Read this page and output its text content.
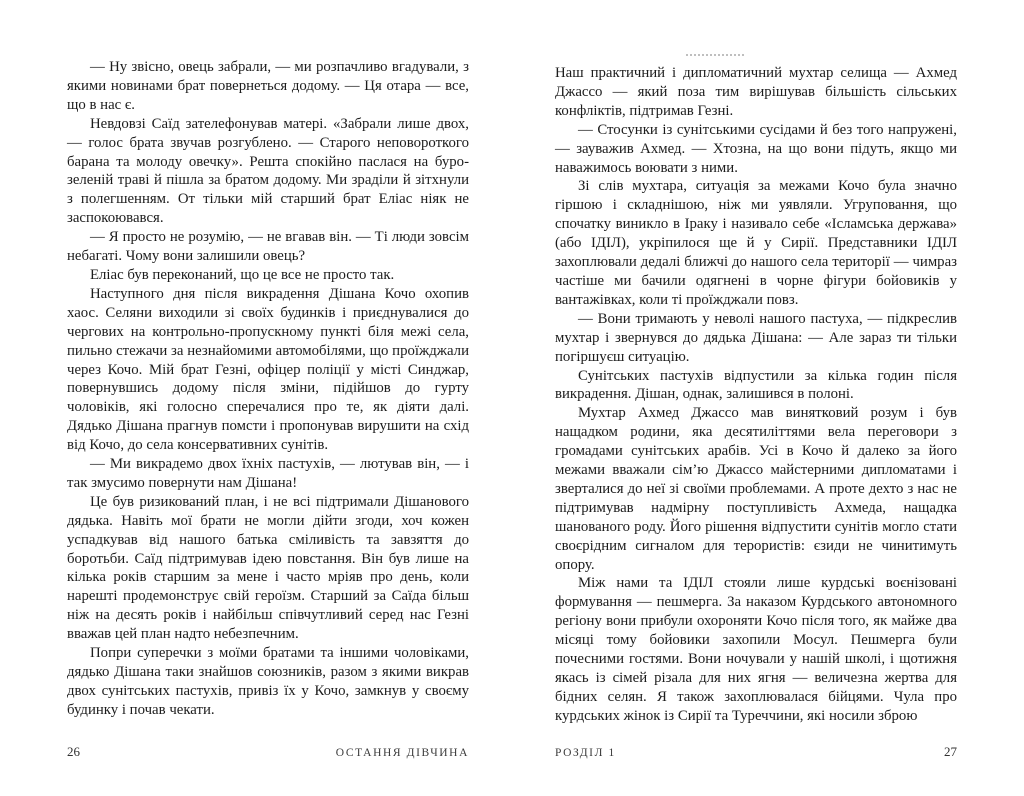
— Ну звісно, овець забрали, — ми розпачливо вгадували, з якими новинами брат повернеться додому. — Ця отара — все, що в нас є.

Невдовзі Саїд зателефонував матері. «Забрали лише двох, — голос брата звучав розгублено. — Старого неповороткого барана та молоду овечку». Решта спокійно паслася на буро-зеленій траві й пішла за братом додому. Ми зраділи й зітхнули з полегшенням. От тільки мій старший брат Еліас ніяк не заспокоювався.

— Я просто не розумію, — не вгавав він. — Ті люди зовсім небагаті. Чому вони залишили овець?

Еліас був переконаний, що це все не просто так.

Наступного дня після викрадення Дішана Кочо охопив хаос. Селяни виходили зі своїх будинків і приєднувалися до чергових на контрольно-пропускному пункті біля межі села, пильно стежачи за незнайомими автомобілями, що проїжджали через Кочо. Мій брат Гезні, офіцер поліції у місті Синджар, повернувшись додому після зміни, підійшов до гурту чоловіків, які голосно сперечалися про те, як діяти далі. Дядько Дішана прагнув помсти і пропонував вирушити на схід від Кочо, до села консервативних сунітів.

— Ми викрадемо двох їхніх пастухів, — лютував він, — і так змусимо повернути нам Дішана!

Це був ризикований план, і не всі підтримали Дішанового дядька. Навіть мої брати не могли дійти згоди, хоч кожен успадкував від нашого батька сміливість та завзяття до боротьби. Саїд підтримував ідею повстання. Він був лише на кілька років старшим за мене і часто мріяв про день, коли нарешті продемонструє свій героїзм. Старший за Саїда більш ніж на десять років і найбільш співчутливий серед нас Гезні вважав цей план надто небезпечним.

Попри суперечки з моїми братами та іншими чоловіками, дядько Дішана таки знайшов союзників, разом з якими викрав двох сунітських пастухів, привіз їх у Кочо, замкнув у своєму будинку і почав чекати.

Наш практичний і дипломатичний мухтар селища — Ахмед Джассо — який поза тим вирішував більшість сільських конфліктів, підтримав Гезні.

— Стосунки із сунітськими сусідами й без того напружені, — зауважив Ахмед. — Хтозна, на що вони підуть, якщо ми наважимось воювати з ними.

Зі слів мухтара, ситуація за межами Кочо була значно гіршою і складнішою, ніж ми уявляли. Угруповання, що спочатку виникло в Іраку і називало себе «Ісламська держава» (або ІДІЛ), укріпилося ще й у Сирії. Представники ІДІЛ захоплювали дедалі ближчі до нашого села території — чимраз частіше ми бачили одягнені в чорне фігури бойовиків у вантажівках, коли ті проїжджали повз.

— Вони тримають у неволі нашого пастуха, — підкреслив мухтар і звернувся до дядька Дішана: — Але зараз ти тільки погіршуєш ситуацію.

Сунітських пастухів відпустили за кілька годин після викрадення. Дішан, однак, залишився в полоні.

Мухтар Ахмед Джассо мав винятковий розум і був нащадком родини, яка десятиліттями вела переговори з громадами сунітських арабів. Усі в Кочо й далеко за його межами вважали сім’ю Джассо майстерними дипломатами і зверталися до неї зі своїми проблемами. А проте дехто з нас не підтримував надмірну поступливість Ахмеда, нащадка шанованого роду. Його рішення відпустити сунітів могло стати своєрідним сигналом для терористів: єзиди не чинитимуть опору.

Між нами та ІДІЛ стояли лише курдські воєнізовані формування — пешмерга. За наказом Курдського автономного регіону вони прибули охороняти Кочо після того, як майже два місяці тому бойовики захопили Мосул. Пешмерга були почесними гостями. Вони ночували у нашій школі, і щотижня якась із сімей різала для них ягня — величезна жертва для бідних селян. Я також захоплювалася бійцями. Чула про курдських жінок із Сирії та Туреччини, які носили зброю

26	ОСТАННЯ ДІВЧИНА	РОЗДІЛ 1	27
